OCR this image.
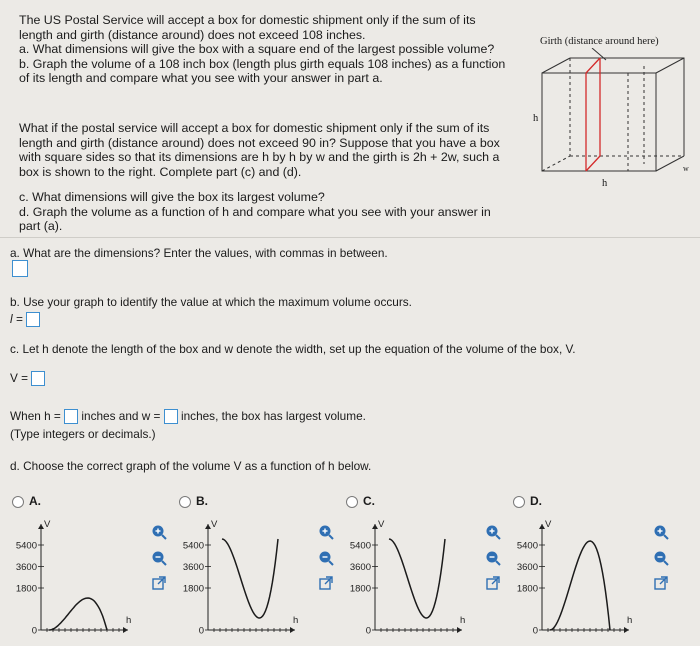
The US Postal Service will accept a box for domestic shipment only if the sum of its
length and girth (distance around) does not exceed 108 inches.
a. What dimensions will give the box with a square end of the largest possible volume?
b. Graph the volume of a 108 inch box (length plus girth equals 108 inches) as a function
of its length and compare what you see with your answer in part a.
What if the postal service will accept a box for domestic shipment only if the sum of its
length and girth (distance around) does not exceed 90 in? Suppose that you have a box
with square sides so that its dimensions are h by h by w and the girth is 2h + 2w, such a
box is shown to the right. Complete part (c) and (d).
c. What dimensions will give the box its largest volume?
d. Graph the volume as a function of h and compare what you see with your answer in
part (a).
Girth (distance around here)
h
h
w
a. What are the dimensions? Enter the values, with commas in between.
b. Use your graph to identify the value at which the maximum volume occurs.
l =
c. Let h denote the length of the box and w denote the width, set up the equation of the volume of the box, V.
V =
When h = inches and w = inches, the box has largest volume.
(Type integers or decimals.)
d. Choose the correct graph of the volume V as a function of h below.
A.
5400
3600
1800
0
V
h
B.
5400
3600
1800
0
V
h
C.
5400
3600
1800
0
V
h
D.
5400
3600
1800
0
V
h
